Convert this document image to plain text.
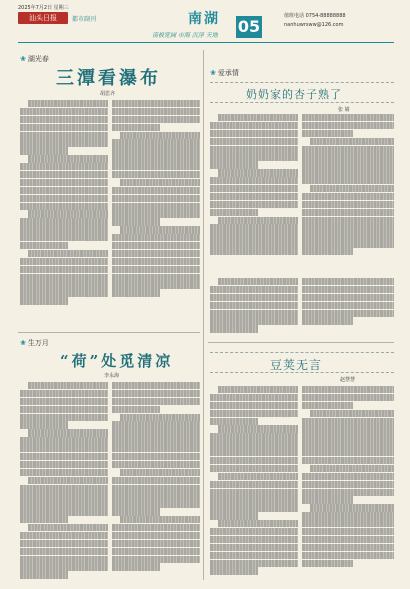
2025年7月2日 星期三
汕头日报	都市副刊	南湖
南极宽阔 市海 沉浮 天地 05
值班电话 0754-88888888
nanhuwrsww@126.com
❀ 湖光春
三潭看瀑布
胡思齐
❀ 生万月
“荷”处觅清凉
李永海
❀ 爱承情
奶奶家的杏子熟了
张 婧
豆荚无言
赵慧慧
